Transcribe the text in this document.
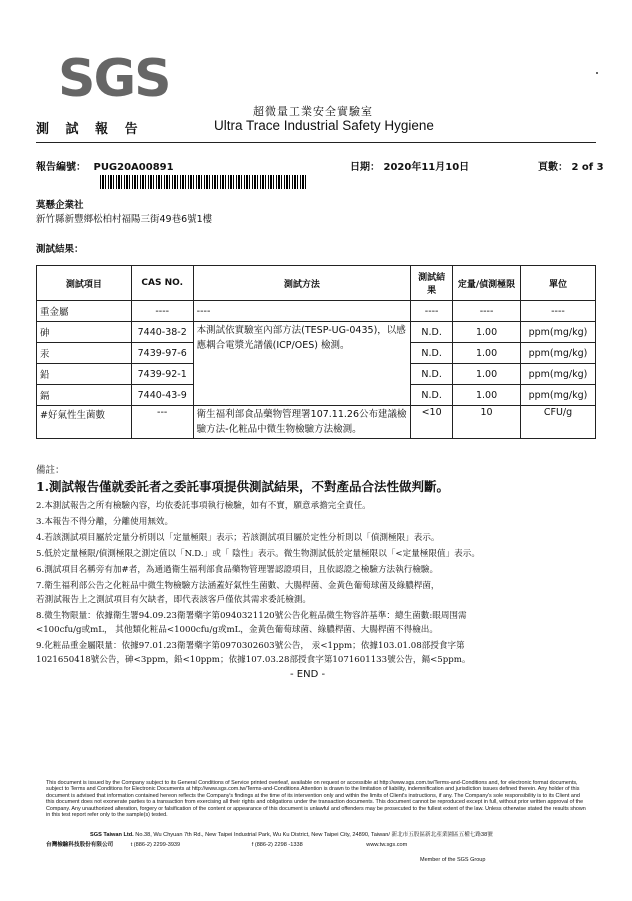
SGS
測 試 報 告
超微量工業安全實驗室
Ultra Trace Industrial Safety Hygiene
報告編號： PUG20A00891	日期： 2020年11月10日	頁數： 2 of 3
莫懸企業社
新竹縣新豐鄉松柏村福陽三街49巷6號1樓
測試結果：
測試項目	CAS NO.	測試方法	測試結果	定量/偵測極限	單位
重金屬	----	----	----	----	----
砷	7440-38-2	本測試依實驗室內部方法(TESP-UG-0435)，以感應耦合電漿光譜儀(ICP/OES) 檢測。	N.D.	1.00	ppm(mg/kg)
汞	7439-97-6		N.D.	1.00	ppm(mg/kg)
鉛	7439-92-1		N.D.	1.00	ppm(mg/kg)
鎘	7440-43-9		N.D.	1.00	ppm(mg/kg)
#好氣性生菌數	---	衛生福利部食品藥物管理署107.11.26公布建議檢驗方法-化粧品中微生物檢驗方法檢測。	<10	10	CFU/g
備註：
1.測試報告僅就委託者之委託事項提供測試結果，不對產品合法性做判斷。
2.本測試報告之所有檢驗內容，均依委託事項執行檢驗，如有不實，願意承擔完全責任。
3.本報告不得分離，分離使用無效。
4.若該測試項目屬於定量分析則以「定量極限」表示；若該測試項目屬於定性分析則以「偵測極限」表示。
5.低於定量極限/偵測極限之測定值以「N.D.」或「 陰性」表示。微生物測試低於定量極限以「<定量極限值」表示。
6.測試項目名稱旁有加#者，為通過衛生福利部食品藥物管理署認證項目，且依認證之檢驗方法執行檢驗。
7.衛生福利部公告之化粧品中微生物檢驗方法涵蓋好氣性生菌數、大腸桿菌、金黃色葡萄球菌及綠膿桿菌，
若測試報告上之測試項目有欠缺者，即代表該客戶僅依其需求委託檢測。
8.微生物限量：依據衛生署94.09.23衛署藥字第0940321120號公告化粧品微生物容許基準：總生菌數:眼周围需
<100cfu/g或mL， 其他類化粧品<1000cfu/g或mL，金黃色葡萄球菌、綠膿桿菌、大腸桿菌不得檢出。
9.化粧品重金屬限量：依據97.01.23衛署藥字第0970302603號公告， 汞<1ppm；依據103.01.08部授食字第
1021650418號公告，砷<3ppm，鉛<10ppm；依據107.03.28部授食字第1071601133號公告，鎘<5ppm。
- END -
This document is issued by the Company subject to its General Conditions of Service printed overleaf, available on request or accessible at http://www.sgs.com.tw/Terms-and-Conditions and, for electronic format documents, subject to Terms and Conditions for Electronic Documents at http://www.sgs.com.tw/Terms-and-Conditions.Attention is drawn to the limitation of liability, indemnification and jurisdiction issues defined therein. Any holder of this document is advised that information contained hereon reflects the Company's findings at the time of its intervention only and within the limits of Client's instructions, if any. The Company's sole responsibility is to its Client and this document does not exonerate parties to a transaction from exercising all their rights and obligations under the transaction documents. This document cannot be reproduced except in full, without prior written approval of the Company. Any unauthorized alteration, forgery or falsification of the content or appearance of this document is unlawful and offenders may be prosecuted to the fullest extent of the law. Unless otherwise stated the results shown in this test report refer only to the sample(s) tested.
SGS Taiwan Ltd. No.38, Wu Chyuan 7th Rd., New Taipei Industrial Park, Wu Ku District, New Taipei City, 24890, Taiwan/ 新北市五股區新北產業園區五權七路38號
台灣檢驗科技股份有限公司	t (886-2) 2299-3939	f (886-2) 2298 -1338	www.tw.sgs.com
Member of the SGS Group
